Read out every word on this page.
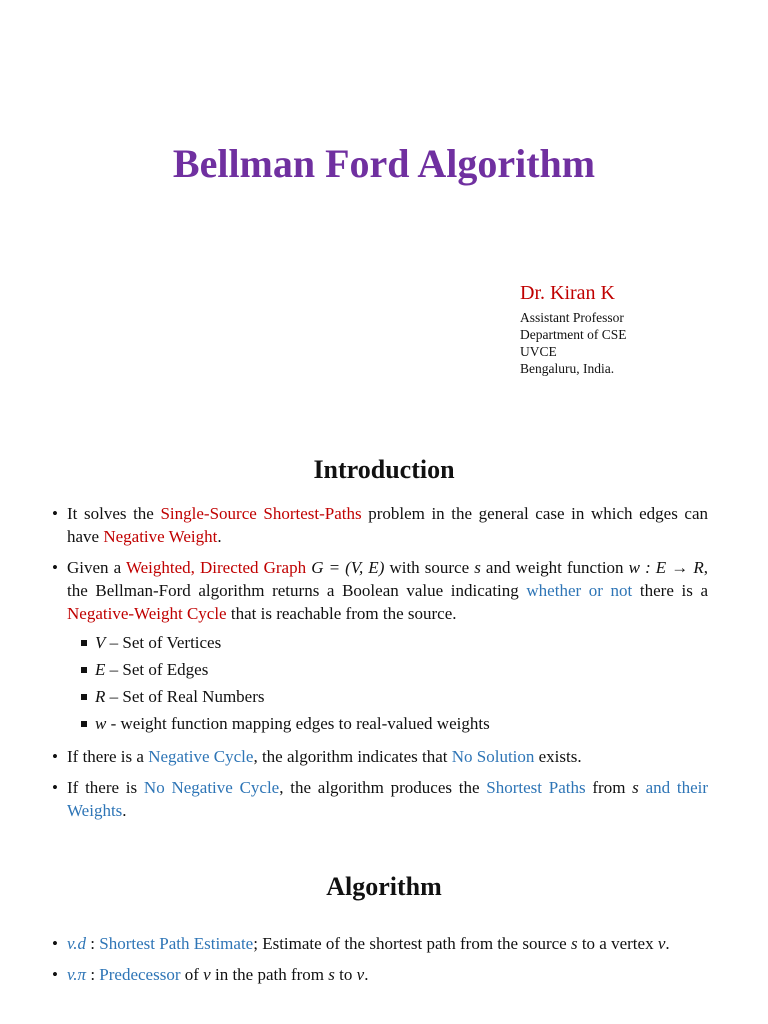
Bellman Ford Algorithm
Dr. Kiran K
Assistant Professor
Department of CSE
UVCE
Bengaluru, India.
Introduction
• It solves the Single-Source Shortest-Paths problem in the general case in which edges can have Negative Weight.
• Given a Weighted, Directed Graph G = (V, E) with source s and weight function w : E → R, the Bellman-Ford algorithm returns a Boolean value indicating whether or not there is a Negative-Weight Cycle that is reachable from the source.
V – Set of Vertices
E – Set of Edges
R – Set of Real Numbers
w - weight function mapping edges to real-valued weights
• If there is a Negative Cycle, the algorithm indicates that No Solution exists.
• If there is No Negative Cycle, the algorithm produces the Shortest Paths from s and their Weights.
Algorithm
• v.d : Shortest Path Estimate; Estimate of the shortest path from the source s to a vertex v.
• v.π : Predecessor of v in the path from s to v.
